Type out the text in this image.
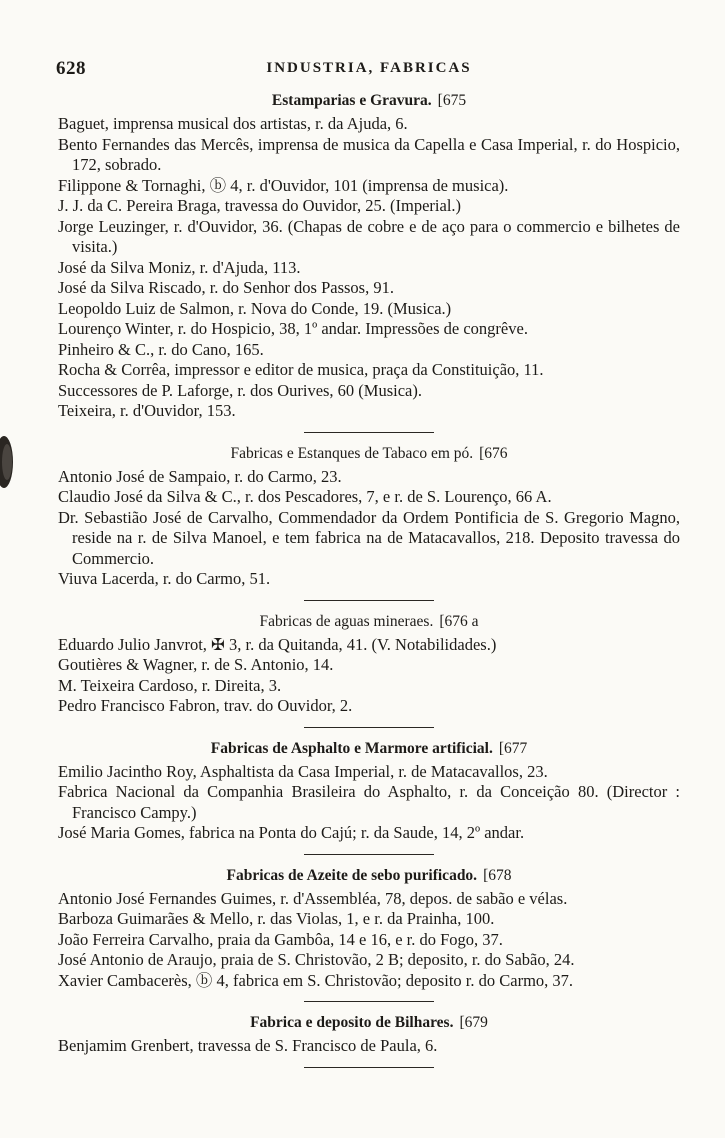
628	INDUSTRIA, FABRICAS
Estamparias e Gravura. [675
Baguet, imprensa musical dos artistas, r. da Ajuda, 6.
Bento Fernandes das Mercês, imprensa de musica da Capella e Casa Imperial, r. do Hospicio, 172, sobrado.
Filippone & Tornaghi, ⓑ 4, r. d'Ouvidor, 101 (imprensa de musica).
J. J. da C. Pereira Braga, travessa do Ouvidor, 25. (Imperial.)
Jorge Leuzinger, r. d'Ouvidor, 36. (Chapas de cobre e de aço para o commercio e bilhetes de visita.)
José da Silva Moniz, r. d'Ajuda, 113.
José da Silva Riscado, r. do Senhor dos Passos, 91.
Leopoldo Luiz de Salmon, r. Nova do Conde, 19. (Musica.)
Lourenço Winter, r. do Hospicio, 38, 1º andar. Impressões de congrêve.
Pinheiro & C., r. do Cano, 165.
Rocha & Corrêa, impressor e editor de musica, praça da Constituição, 11.
Successores de P. Laforge, r. dos Ourives, 60 (Musica).
Teixeira, r. d'Ouvidor, 153.
Fabricas e Estanques de Tabaco em pó. [676
Antonio José de Sampaio, r. do Carmo, 23.
Claudio José da Silva & C., r. dos Pescadores, 7, e r. de S. Lourenço, 66 A.
Dr. Sebastião José de Carvalho, Commendador da Ordem Pontificia de S. Gregorio Magno, reside na r. de Silva Manoel, e tem fabrica na de Matacavallos, 218. Deposito travessa do Commercio.
Viuva Lacerda, r. do Carmo, 51.
Fabricas de aguas mineraes. [676 a
Eduardo Julio Janvrot, ✠ 3, r. da Quitanda, 41. (V. Notabilidades.)
Goutières & Wagner, r. de S. Antonio, 14.
M. Teixeira Cardoso, r. Direita, 3.
Pedro Francisco Fabron, trav. do Ouvidor, 2.
Fabricas de Asphalto e Marmore artificial. [677
Emilio Jacintho Roy, Asphaltista da Casa Imperial, r. de Matacavallos, 23.
Fabrica Nacional da Companhia Brasileira do Asphalto, r. da Conceição 80. (Director : Francisco Campy.)
José Maria Gomes, fabrica na Ponta do Cajú; r. da Saude, 14, 2º andar.
Fabricas de Azeite de sebo purificado. [678
Antonio José Fernandes Guimes, r. d'Assembléa, 78, depos. de sabão e vélas.
Barboza Guimarães & Mello, r. das Violas, 1, e r. da Prainha, 100.
João Ferreira Carvalho, praia da Gambôa, 14 e 16, e r. do Fogo, 37.
José Antonio de Araujo, praia de S. Christovão, 2 B; deposito, r. do Sabão, 24.
Xavier Cambacerès, ⓑ 4, fabrica em S. Christovão; deposito r. do Carmo, 37.
Fabrica e deposito de Bilhares. [679
Benjamim Grenbert, travessa de S. Francisco de Paula, 6.
